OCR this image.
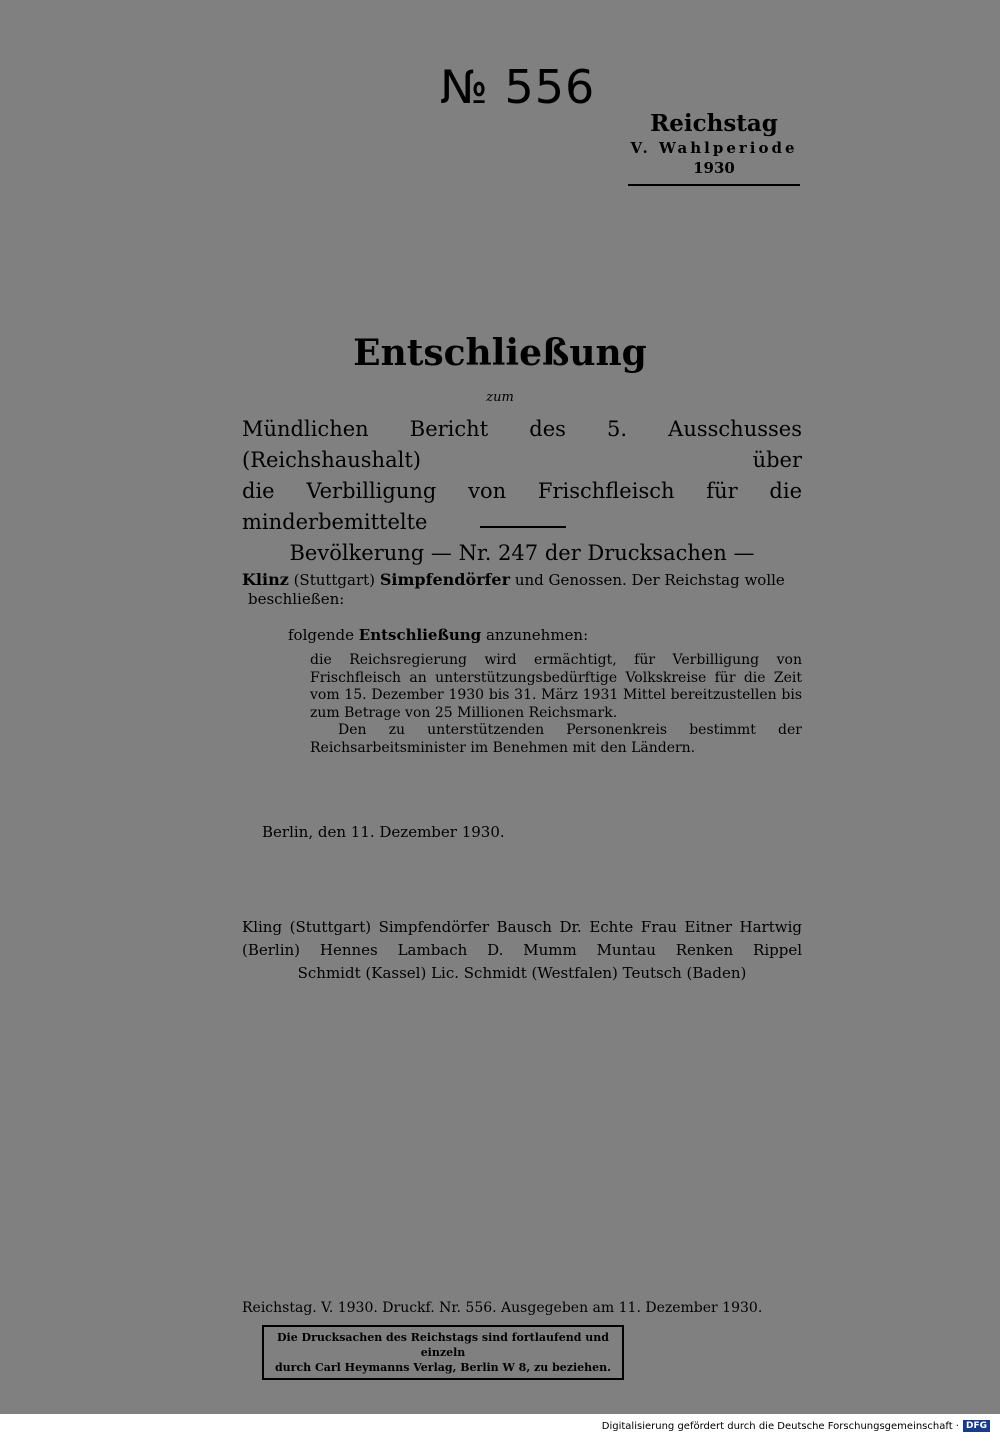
№ 556
Reichstag
V. Wahlperiode
1930
Entschließung
zum
Mündlichen Bericht des 5. Ausschusses (Reichshaushalt) über
die Verbilligung von Frischfleisch für die minderbemittelte
Bevölkerung — Nr. 247 der Drucksachen —
Klinz (Stuttgart) Simpfendörfer und Genossen. Der Reichstag wolle
beschließen:
folgende Entschließung anzunehmen:
die Reichsregierung wird ermächtigt, für Verbilligung von Frischfleisch an unterstützungsbedürftige Volkskreise für die Zeit vom 15. Dezember 1930 bis 31. März 1931 Mittel bereitzustellen bis zum Betrage von 25 Millionen Reichsmark.
Den zu unterstützenden Personenkreis bestimmt der Reichsarbeitsminister im Benehmen mit den Ländern.
Berlin, den 11. Dezember 1930.
Kling (Stuttgart) Simpfendörfer Bausch Dr. Echte Frau Eitner Hartwig
(Berlin) Hennes Lambach D. Mumm Muntau Renken Rippel
Schmidt (Kassel) Lic. Schmidt (Westfalen) Teutsch (Baden)
Reichstag. V. 1930. Druckf. Nr. 556. Ausgegeben am 11. Dezember 1930.
Die Drucksachen des Reichstags sind fortlaufend und einzeln
durch Carl Heymanns Verlag, Berlin W 8, zu beziehen.
Digitalisierung gefördert durch die Deutsche Forschungsgemeinschaft · DFG
